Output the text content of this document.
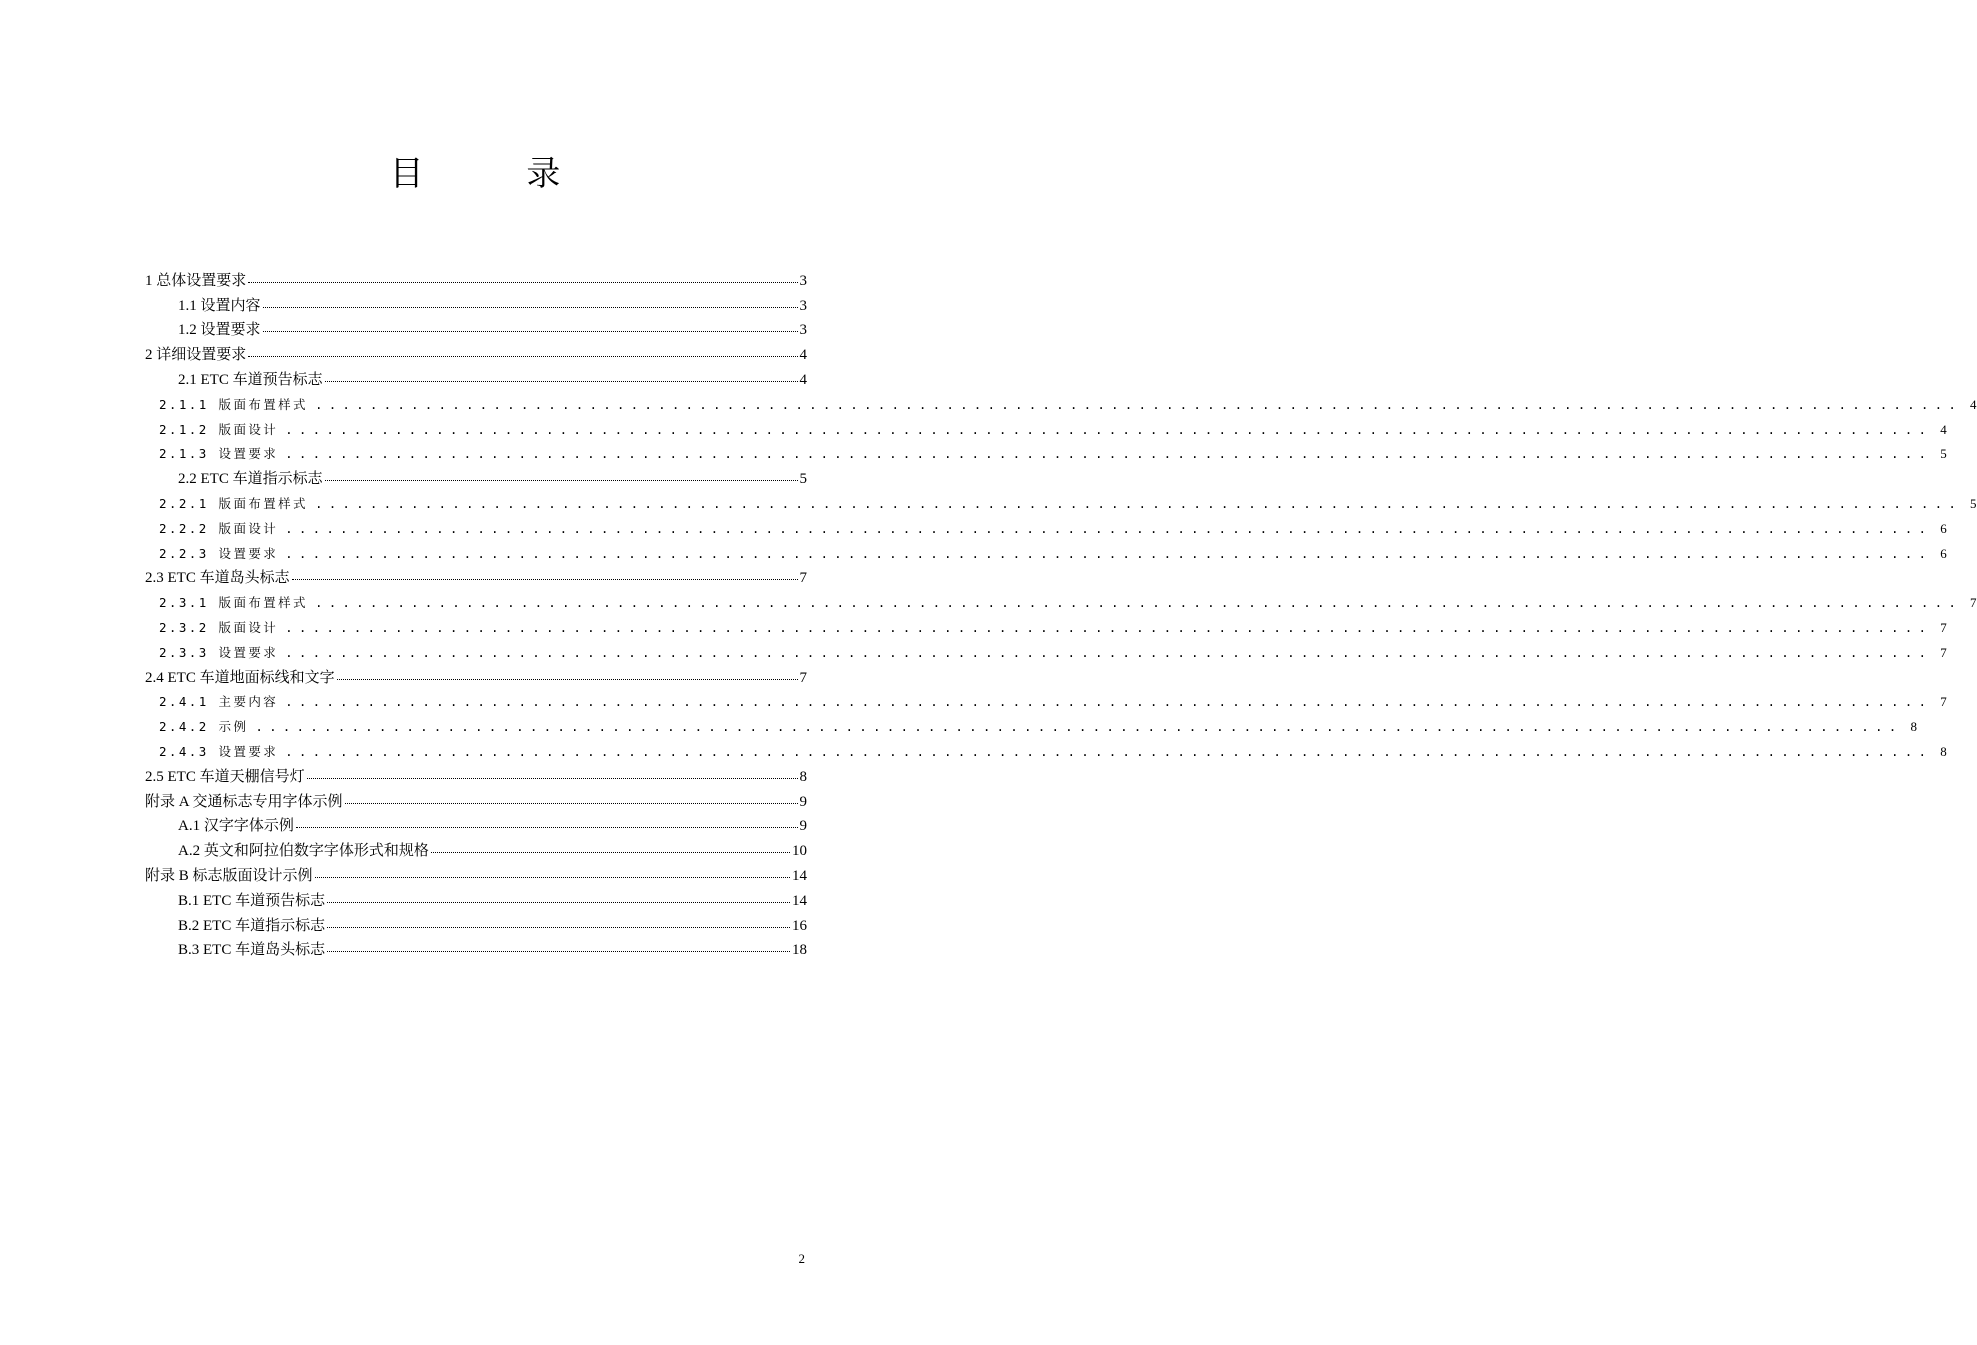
目 录
1 总体设置要求	3
1.1 设置内容	3
1.2 设置要求	3
2 详细设置要求	4
2.1 ETC 车道预告标志	4
2.1.1 版面布置样式 ........................................................................................................................ 4
2.1.2 版面设计 ........................................................................................................................ 4
2.1.3 设置要求 ........................................................................................................................ 5
2.2 ETC 车道指示标志	5
2.2.1 版面布置样式 ........................................................................................................................ 5
2.2.2 版面设计 ........................................................................................................................ 6
2.2.3 设置要求 ........................................................................................................................ 6
2.3 ETC 车道岛头标志	7
2.3.1 版面布置样式 ........................................................................................................................ 7
2.3.2 版面设计 ........................................................................................................................ 7
2.3.3 设置要求 ........................................................................................................................ 7
2.4 ETC 车道地面标线和文字	7
2.4.1 主要内容 ........................................................................................................................ 7
2.4.2 示例 ........................................................................................................................ 8
2.4.3 设置要求 ........................................................................................................................ 8
2.5 ETC 车道天棚信号灯	8
附录 A 交通标志专用字体示例	9
A.1 汉字字体示例	9
A.2 英文和阿拉伯数字字体形式和规格	10
附录 B 标志版面设计示例	14
B.1 ETC 车道预告标志	14
B.2 ETC 车道指示标志	16
B.3 ETC 车道岛头标志	18
2
